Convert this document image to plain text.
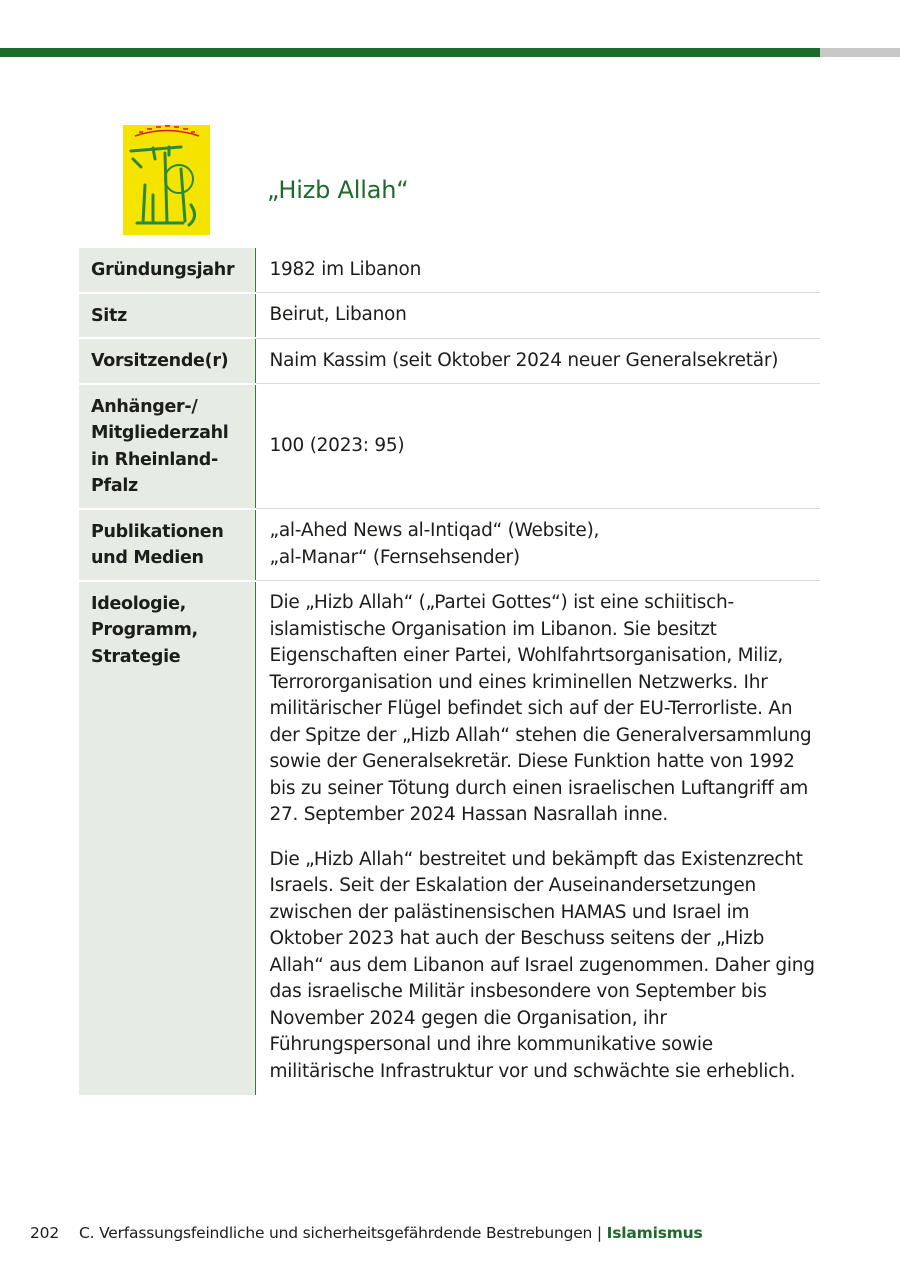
„Hizb Allah“
Gründungsjahr	1982 im Libanon
Sitz	Beirut, Libanon
Vorsitzende(r)	Naim Kassim (seit Oktober 2024 neuer Generalsekretär)
Anhänger-/ Mitgliederzahl in Rheinland-Pfalz	100 (2023: 95)
Publikationen und Medien	„al-Ahed News al-Intiqad“ (Website),
„al-Manar“ (Fernsehsender)

Ideologie, Programm, Strategie	Die „Hizb Allah“ („Partei Gottes“) ist eine schiitisch-islamistische Organisation im Libanon. Sie besitzt Eigenschaften einer Partei, Wohlfahrtsorganisation, Miliz, Terrororganisation und eines kriminellen Netzwerks. Ihr militärischer Flügel befindet sich auf der EU-Terrorliste. An der Spitze der „Hizb Allah“ stehen die Generalversammlung sowie der Generalsekretär. Diese Funktion hatte von 1992 bis zu seiner Tötung durch einen israelischen Luftangriff am 27. September 2024 Hassan Nasrallah inne.

Die „Hizb Allah“ bestreitet und bekämpft das Existenzrecht Israels. Seit der Eskalation der Auseinandersetzungen zwischen der palästinensischen HAMAS und Israel im Oktober 2023 hat auch der Beschuss seitens der „Hizb Allah“ aus dem Libanon auf Israel zugenommen. Daher ging das israelische Militär insbesondere von September bis November 2024 gegen die Organisation, ihr Führungspersonal und ihre kommunikative sowie militärische Infrastruktur vor und schwächte sie erheblich.

202 C. Verfassungsfeindliche und sicherheitsgefährdende Bestrebungen | Islamismus
